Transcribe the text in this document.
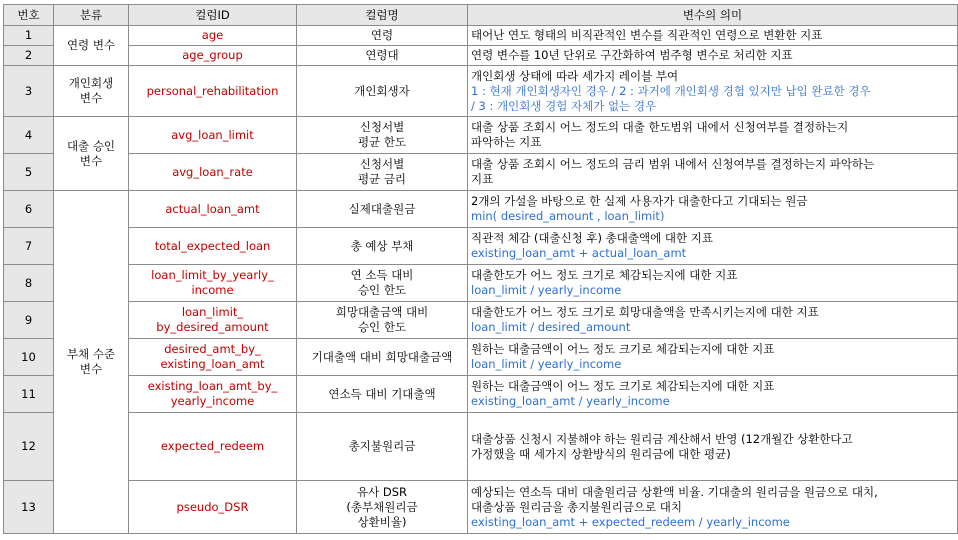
번호	분류	컬럼ID	컬럼명	변수의 의미
1	연령 변수	age	연령	태어난 연도 형태의 비직관적인 변수를 직관적인 연령으로 변환한 지표

2		age_group	연령대	연령 변수를 10년 단위로 구간화하여 범주형 변수로 처리한 지표

3	개인회생
변수	personal_rehabilitation	개인회생자	개인회생 상태에 따라 세가지 레이블 부여
1 : 현재 개인회생자인 경우 / 2 : 과거에 개인회생 경험 있지만 납입 완료한 경우
/ 3 : 개인회생 경험 자체가 없는 경우

4	대출 승인
변수	avg_loan_limit	신청서별
평균 한도	대출 상품 조회시 어느 정도의 대출 한도범위 내에서 신청여부를 결정하는지
파악하는 지표

5		avg_loan_rate	신청서별
평균 금리	대출 상품 조회시 어느 정도의 금리 범위 내에서 신청여부를 결정하는지 파악하는
지표

6	부채 수준
변수	actual_loan_amt	실제대출원금	2개의 가설을 바탕으로 한 실제 사용자가 대출한다고 기대되는 원금
min( desired_amount , loan_limit)

7		total_expected_loan	총 예상 부채	직관적 체감 (대출신청 후) 총대출액에 대한 지표
existing_loan_amt + actual_loan_amt

8		loan_limit_by_yearly_
income	연 소득 대비
승인 한도	대출한도가 어느 정도 크기로 체감되는지에 대한 지표
loan_limit / yearly_income

9		loan_limit_
by_desired_amount	희망대출금액 대비
승인 한도	대출한도가 어느 정도 크기로 희망대출액을 만족시키는지에 대한 지표
loan_limit / desired_amount

10		desired_amt_by_
existing_loan_amt	기대출액 대비 희망대출금액	원하는 대출금액이 어느 정도 크기로 체감되는지에 대한 지표
loan_limit / yearly_income

11		existing_loan_amt_by_
yearly_income	연소득 대비 기대출액	원하는 대출금액이 어느 정도 크기로 체감되는지에 대한 지표
existing_loan_amt / yearly_income

12		expected_redeem	총지불원리금	대출상품 신청시 지불해야 하는 원리금 계산해서 반영 (12개월간 상환한다고
가정했을 때 세가지 상환방식의 원리금에 대한 평균)

13		pseudo_DSR	유사 DSR
(총부채원리금
상환비율)	예상되는 연소득 대비 대출원리금 상환액 비율. 기대출의 원리금을 원금으로 대치,
대출상품 원리금을 총지불원리금으로 대치
existing_loan_amt + expected_redeem / yearly_income
